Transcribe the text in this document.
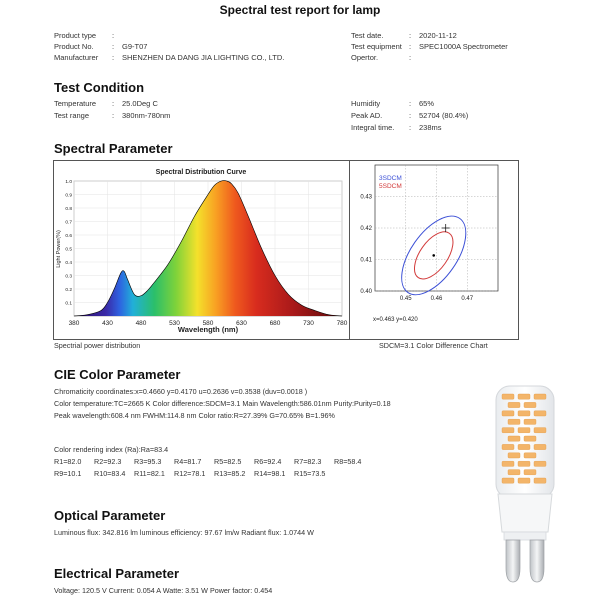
Spectral test report for lamp
Product type :
Product No. : G9-T07
Manufacturer : SHENZHEN DA DANG JIA LIGHTING CO., LTD.
Test date.	: 2020-11-12
Test equipment : SPEC1000A Spectrometer
Opertor.	:
Test Condition
Temperature : 25.0Deg C
Test range	: 380nm-780nm
Humidity	: 65%
Peak AD.	: 52704 (80.4%)
Integral time. : 238ms
Spectral Parameter
Spectral Distribution Curve
380	430	480	530	580	630	680	730	780
0.1
0.2
0.3
0.4
0.5
0.6
0.7
0.8
0.9
1.0
Wavelength (nm)
Light Power(%)
3SDCM
5SDCM
0.45	0.46	0.47
0.40
0.41
0.42
0.43
x=0.463 y=0.420
Spectrial power distribution	SDCM=3.1 Color Difference Chart
CIE Color Parameter
Chromaticity coordinates:x=0.4660 y=0.4170 u=0.2636 v=0.3538 (duv=0.0018 )
Color temperature:TC=2665 K Color difference:SDCM=3.1 Main Wavelength:586.01nm Purity:Purity=0.18
Peak wavelength:608.4 nm FWHM:114.8 nm Color ratio:R=27.39% G=70.65% B=1.96%
Color rendering index (Ra):Ra=83.4
R1=82.0 R2=92.3 R3=95.3 R4=81.7 R5=82.5 R6=92.4 R7=82.3 R8=58.4
R9=10.1 R10=83.4 R11=82.1 R12=78.1 R13=85.2 R14=98.1 R15=73.5
Optical Parameter
Luminous flux: 342.816 lm luminous efficiency: 97.67 lm/w Radiant flux: 1.0744 W
Electrical Parameter
Voltage: 120.5 V Current: 0.054 A Watte: 3.51 W Power factor: 0.454
